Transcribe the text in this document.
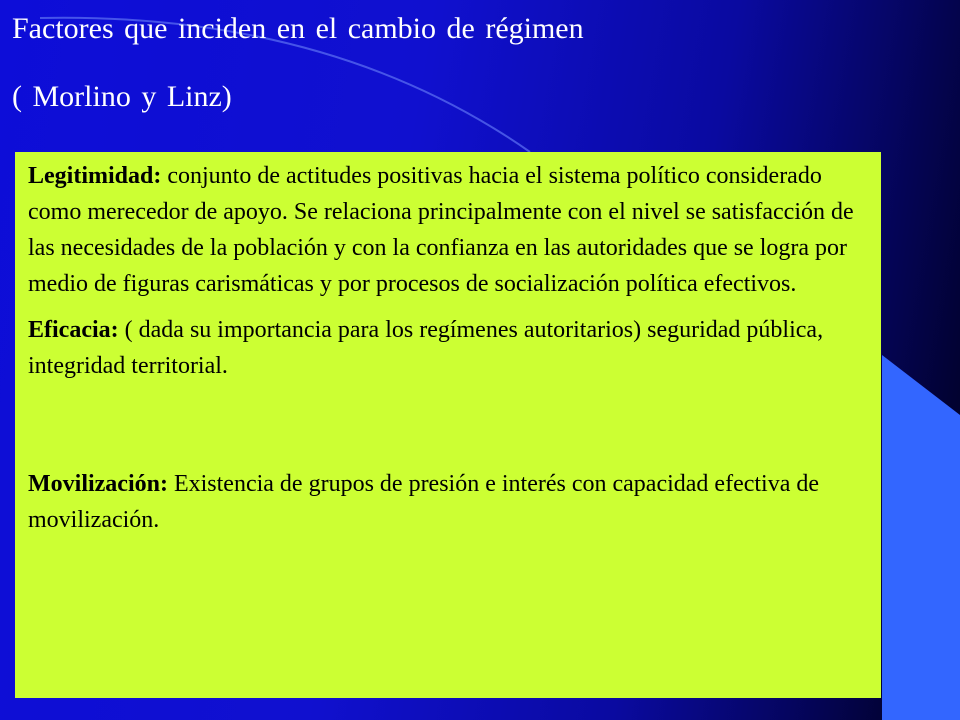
Factores que inciden en el cambio de régimen
( Morlino y Linz)

Legitimidad: conjunto de actitudes positivas hacia el sistema político considerado como merecedor de apoyo. Se relaciona principalmente con el nivel se satisfacción de las necesidades de la población y con la confianza en las autoridades que se logra por medio de figuras carismáticas y por procesos de socialización política efectivos.

Eficacia: ( dada su importancia para los regímenes autoritarios) seguridad pública, integridad territorial.

Movilización: Existencia de grupos de presión e interés con capacidad efectiva de movilización.
